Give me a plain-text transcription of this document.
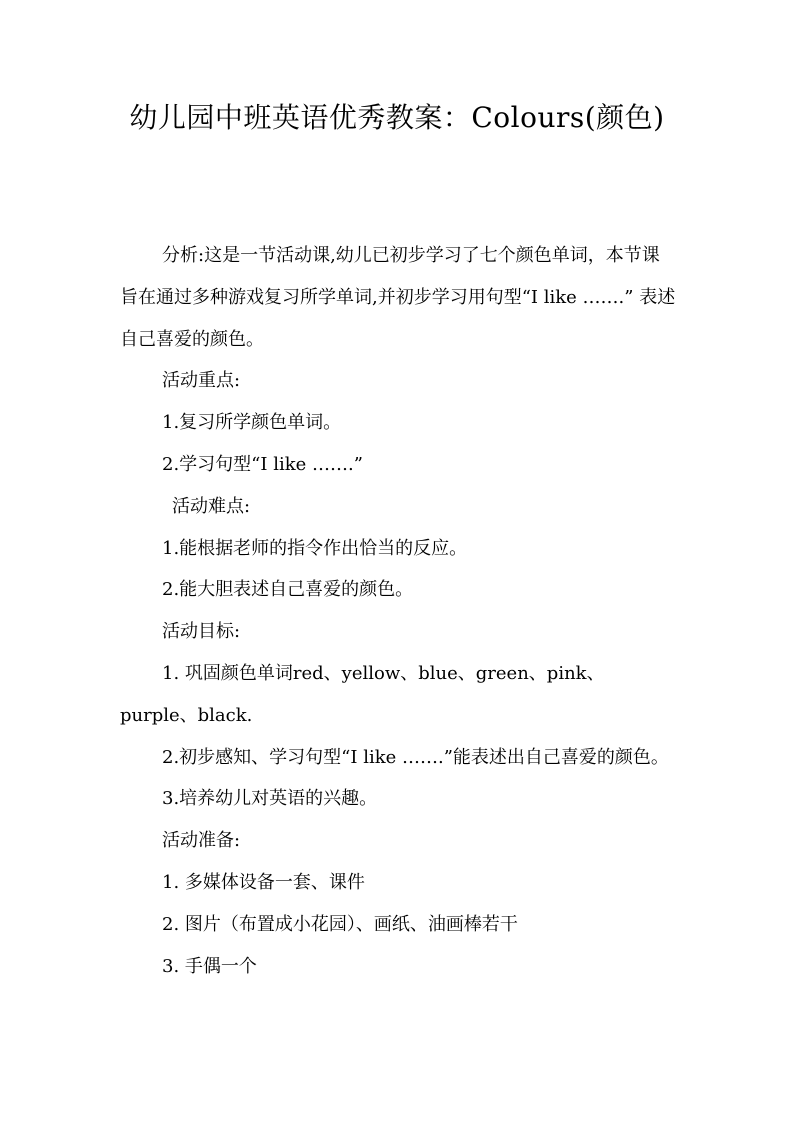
幼儿园中班英语优秀教案：Colours(颜色)

分析:这是一节活动课,幼儿已初步学习了七个颜色单词，本节课旨在通过多种游戏复习所学单词,并初步学习用句型“I like …….” 表述自己喜爱的颜色。

活动重点:

1.复习所学颜色单词。

2.学习句型“I like …….”

活动难点:

1.能根据老师的指令作出恰当的反应。

2.能大胆表述自己喜爱的颜色。

活动目标:

1. 巩固颜色单词red、yellow、blue、green、pink、purple、black.

2.初步感知、学习句型“I like …….”能表述出自己喜爱的颜色。

3.培养幼儿对英语的兴趣。

活动准备:

1. 多媒体设备一套、课件

2. 图片（布置成小花园）、画纸、油画棒若干

3. 手偶一个
